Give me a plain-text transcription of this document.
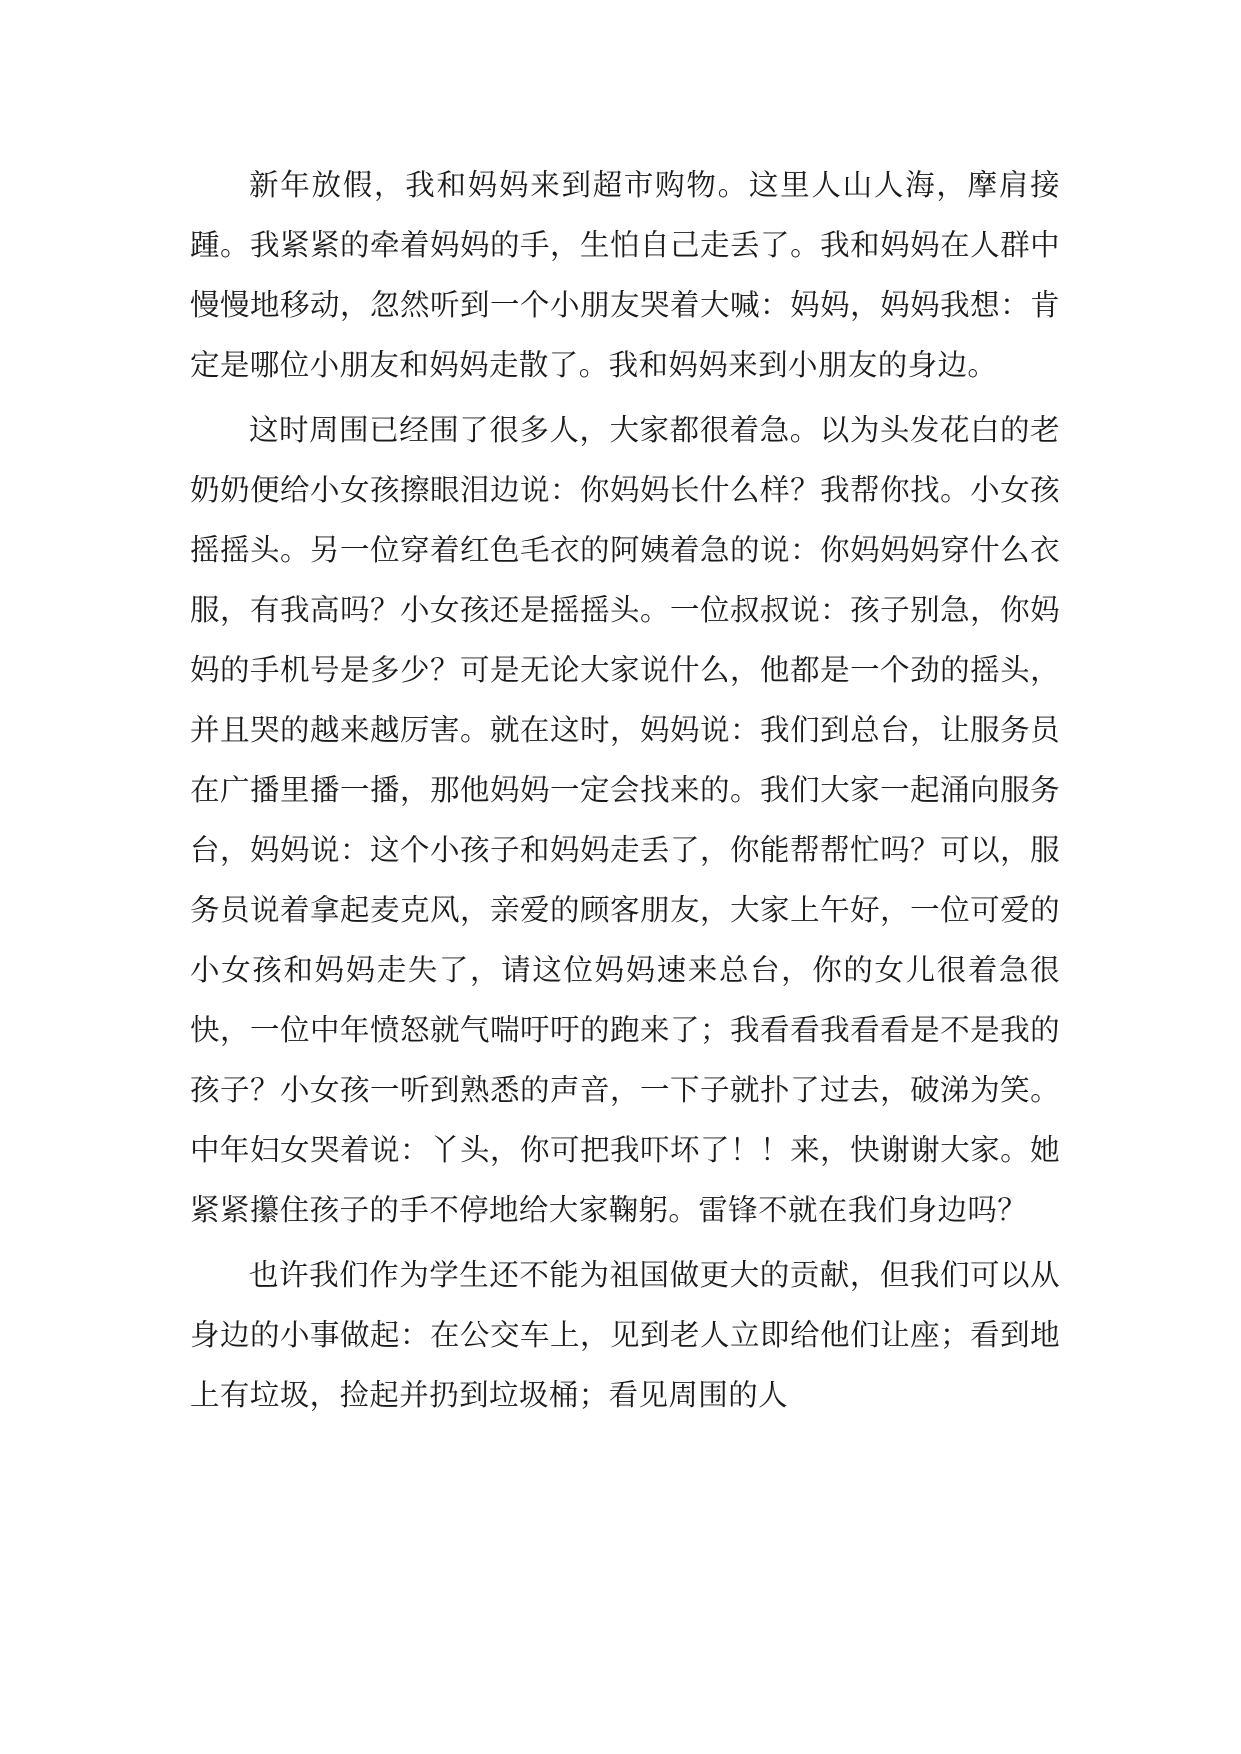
新年放假，我和妈妈来到超市购物。这里人山人海，摩肩接踵。我紧紧的牵着妈妈的手，生怕自己走丢了。我和妈妈在人群中慢慢地移动，忽然听到一个小朋友哭着大喊：妈妈，妈妈我想：肯定是哪位小朋友和妈妈走散了。我和妈妈来到小朋友的身边。

这时周围已经围了很多人，大家都很着急。以为头发花白的老奶奶便给小女孩擦眼泪边说：你妈妈长什么样？我帮你找。小女孩摇摇头。另一位穿着红色毛衣的阿姨着急的说：你妈妈妈穿什么衣服，有我高吗？小女孩还是摇摇头。一位叔叔说：孩子别急，你妈妈的手机号是多少？可是无论大家说什么，他都是一个劲的摇头，并且哭的越来越厉害。就在这时，妈妈说：我们到总台，让服务员在广播里播一播，那他妈妈一定会找来的。我们大家一起涌向服务台，妈妈说：这个小孩子和妈妈走丢了，你能帮帮忙吗？可以，服务员说着拿起麦克风，亲爱的顾客朋友，大家上午好，一位可爱的小女孩和妈妈走失了，请这位妈妈速来总台，你的女儿很着急很快，一位中年愤怒就气喘吁吁的跑来了；我看看我看看是不是我的孩子？小女孩一听到熟悉的声音，一下子就扑了过去，破涕为笑。中年妇女哭着说：丫头，你可把我吓坏了！！来，快谢谢大家。她紧紧攥住孩子的手不停地给大家鞠躬。雷锋不就在我们身边吗？

也许我们作为学生还不能为祖国做更大的贡献，但我们可以从身边的小事做起：在公交车上，见到老人立即给他们让座；看到地上有垃圾，捡起并扔到垃圾桶；看见周围的人
